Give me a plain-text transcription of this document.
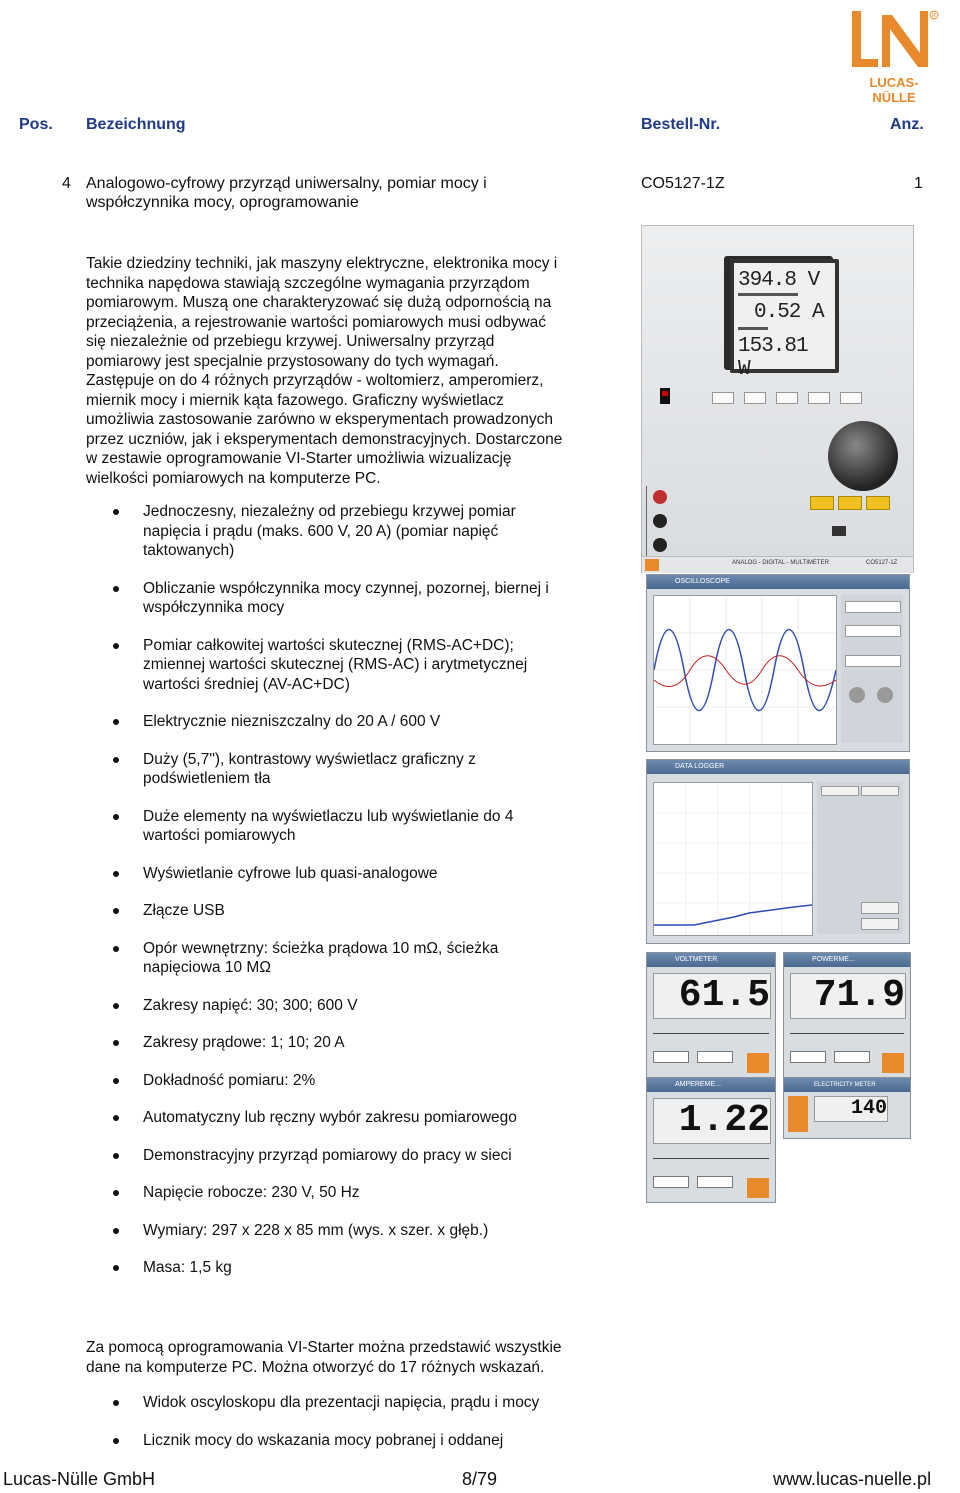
R
LUCAS-NÜLLE
Pos. Bezeichnung	Bestell-Nr.	Anz.
4 Analogowo-cyfrowy przyrząd uniwersalny, pomiar mocy i
współczynnika mocy, oprogramowanie
CO5127-1Z	1
Takie dziedziny techniki, jak maszyny elektryczne, elektronika mocy i
technika napędowa stawiają szczególne wymagania przyrządom
pomiarowym. Muszą one charakteryzować się dużą odpornością na
przeciążenia, a rejestrowanie wartości pomiarowych musi odbywać
się niezależnie od przebiegu krzywej. Uniwersalny przyrząd
pomiarowy jest specjalnie przystosowany do tych wymagań.
Zastępuje on do 4 różnych przyrządów - woltomierz, amperomierz,
miernik mocy i miernik kąta fazowego. Graficzny wyświetlacz
umożliwia zastosowanie zarówno w eksperymentach prowadzonych
przez uczniów, jak i eksperymentach demonstracyjnych. Dostarczone
w zestawie oprogramowanie VI-Starter umożliwia wizualizację
wielkości pomiarowych na komputerze PC.
Jednoczesny, niezależny od przebiegu krzywej pomiar
napięcia i prądu (maks. 600 V, 20 A) (pomiar napięć
taktowanych)
Obliczanie współczynnika mocy czynnej, pozornej, biernej i
współczynnika mocy
Pomiar całkowitej wartości skutecznej (RMS-AC+DC);
zmiennej wartości skutecznej (RMS-AC) i arytmetycznej
wartości średniej (AV-AC+DC)
Elektrycznie niezniszczalny do 20 A / 600 V
Duży (5,7"), kontrastowy wyświetlacz graficzny z
podświetleniem tła
Duże elementy na wyświetlaczu lub wyświetlanie do 4
wartości pomiarowych
Wyświetlanie cyfrowe lub quasi-analogowe
Złącze USB
Opór wewnętrzny: ścieżka prądowa 10 mΩ, ścieżka
napięciowa 10 MΩ
Zakresy napięć: 30; 300; 600 V
Zakresy prądowe: 1; 10; 20 A
Dokładność pomiaru: 2%
Automatyczny lub ręczny wybór zakresu pomiarowego
Demonstracyjny przyrząd pomiarowy do pracy w sieci
Napięcie robocze: 230 V, 50 Hz
Wymiary: 297 x 228 x 85 mm (wys. x szer. x głęb.)
Masa: 1,5 kg
Za pomocą oprogramowania VI-Starter można przedstawić wszystkie
dane na komputerze PC. Można otworzyć do 17 różnych wskazań.
Widok oscyloskopu dla prezentacji napięcia, prądu i mocy
Licznik mocy do wskazania mocy pobranej i oddanej
ANALOG - DIGITAL - MULTIMETER	CO5127-1Z
394.8 V
0.52 A
153.81 W
OSCILLOSCOPE
DATA LOGGER
VOLTMETER
61.5
POWERME...
71.9
AMPEREME...
1.22
ELECTRICITY METER
140
Lucas-Nülle GmbH	8/79	www.lucas-nuelle.pl
